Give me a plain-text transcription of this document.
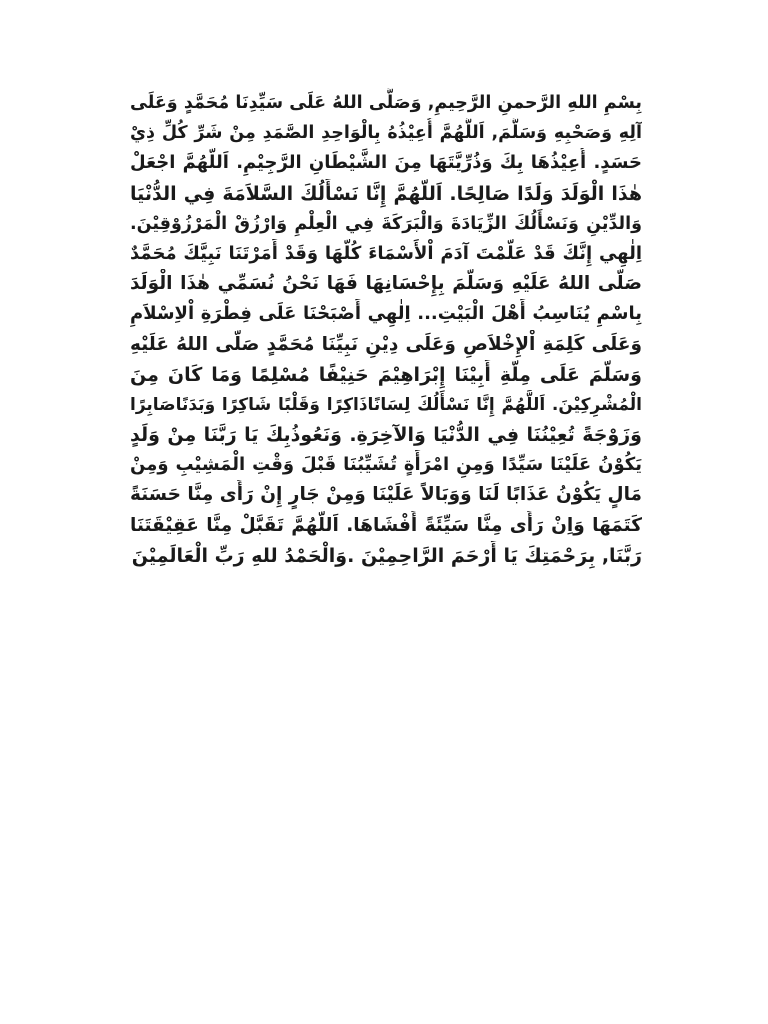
بِسْمِ اللهِ الرَّحمنِ الرَّحِيمِ, وَصَلَّى اللهُ عَلَى سَيِّدِنَا مُحَمَّدٍ وَعَلَى
آلِهِ وَصَحْبِهِ وَسَلَّمَ, اَللَّهُمَّ أُعِيْذُهُ بِالْوَاحِدِ الصَّمَدِ مِنْ شَرِّ كُلِّ ذِيْ
حَسَدٍ. أُعِيْذُهَا بِكَ وَذُرِّيَّتَهَا مِنَ الشَّيْطَانِ الرَّجِيْمِ. اَللَّهُمَّ اجْعَلْ
هٰذَا الْوَلَدَ وَلَدًا صَالِحًا. اَللَّهُمَّ إِنَّا نَسْأَلُكَ السَّلاَمَةَ فِي الدُّنْيَا
وَالدِّيْنِ وَنَسْأَلُكَ الزِّيَادَةَ وَالْبَرَكَةَ فِي الْعِلْمِ وَارْزُقْ الْمَرْزُوْقِيْنَ.
اِلٰهِي إِنَّكَ قَدْ عَلَّمْتَ آدَمَ اْلأَسْمَاءَ كُلَّهَا وَقَدْ أَمَرْتَنَا نَبِيَّكَ مُحَمَّدٌ
صَلَّى اللهُ عَلَيْهِ وَسَلَّمَ بِإِحْسَانِهَا فَهَا نَحْنُ نُسَمِّي هٰذَا الْوَلَدَ
بِاسْمِ يُنَاسِبُ أَهْلَ الْبَيْتِ... اِلٰهِي أَصْبَحْنَا عَلَى فِطْرَةِ اْلاِسْلاَمِ
وَعَلَى كَلِمَةِ اْلإِخْلاَصِ وَعَلَى دِيْنِ نَبِيِّنَا مُحَمَّدٍ صَلَّى اللهُ عَلَيْهِ
وَسَلَّمَ عَلَى مِلَّةِ أَبِيْنَا إِبْرَاهِيْمَ حَنِيْفًا مُسْلِمًا وَمَا كَانَ مِنَ
الْمُشْرِكِيْنَ. اَللَّهُمَّ إِنَّا نَسْأَلُكَ لِسَانًاذَاكِرًا وَقَلْبًا شَاكِرًا وَبَدَنًاصَابِرًا
وَزَوْجَةً تُعِيْنُنَا فِي الدُّنْيَا وَالآخِرَةِ. وَنَعُوذُبِكَ يَا رَبَّنَا مِنْ وَلَدٍ
يَكُوْنُ عَلَيْنَا سَيِّدًا وَمِنِ امْرَأَةٍ تُشَيِّبُنَا قَبْلَ وَقْتِ الْمَشِيْبِ وَمِنْ
مَالٍ يَكُوْنُ عَذَابًا لَنَا وَوَبَالاً عَلَيْنَا وَمِنْ جَارٍ إِنْ رَأَى مِنَّا حَسَنَةً
كَتَمَهَا وَاِنْ رَأَى مِنَّا سَيِّئَةً أَفْشَاهَا. اَللَّهُمَّ تَقَبَّلْ مِنَّا عَقِيْقَتَنَا
رَبَّنَا, بِرَحْمَتِكَ يَا أَرْحَمَ الرَّاحِمِيْنَ .وَالْحَمْدُ للهِ رَبِّ الْعَالَمِيْنَ
